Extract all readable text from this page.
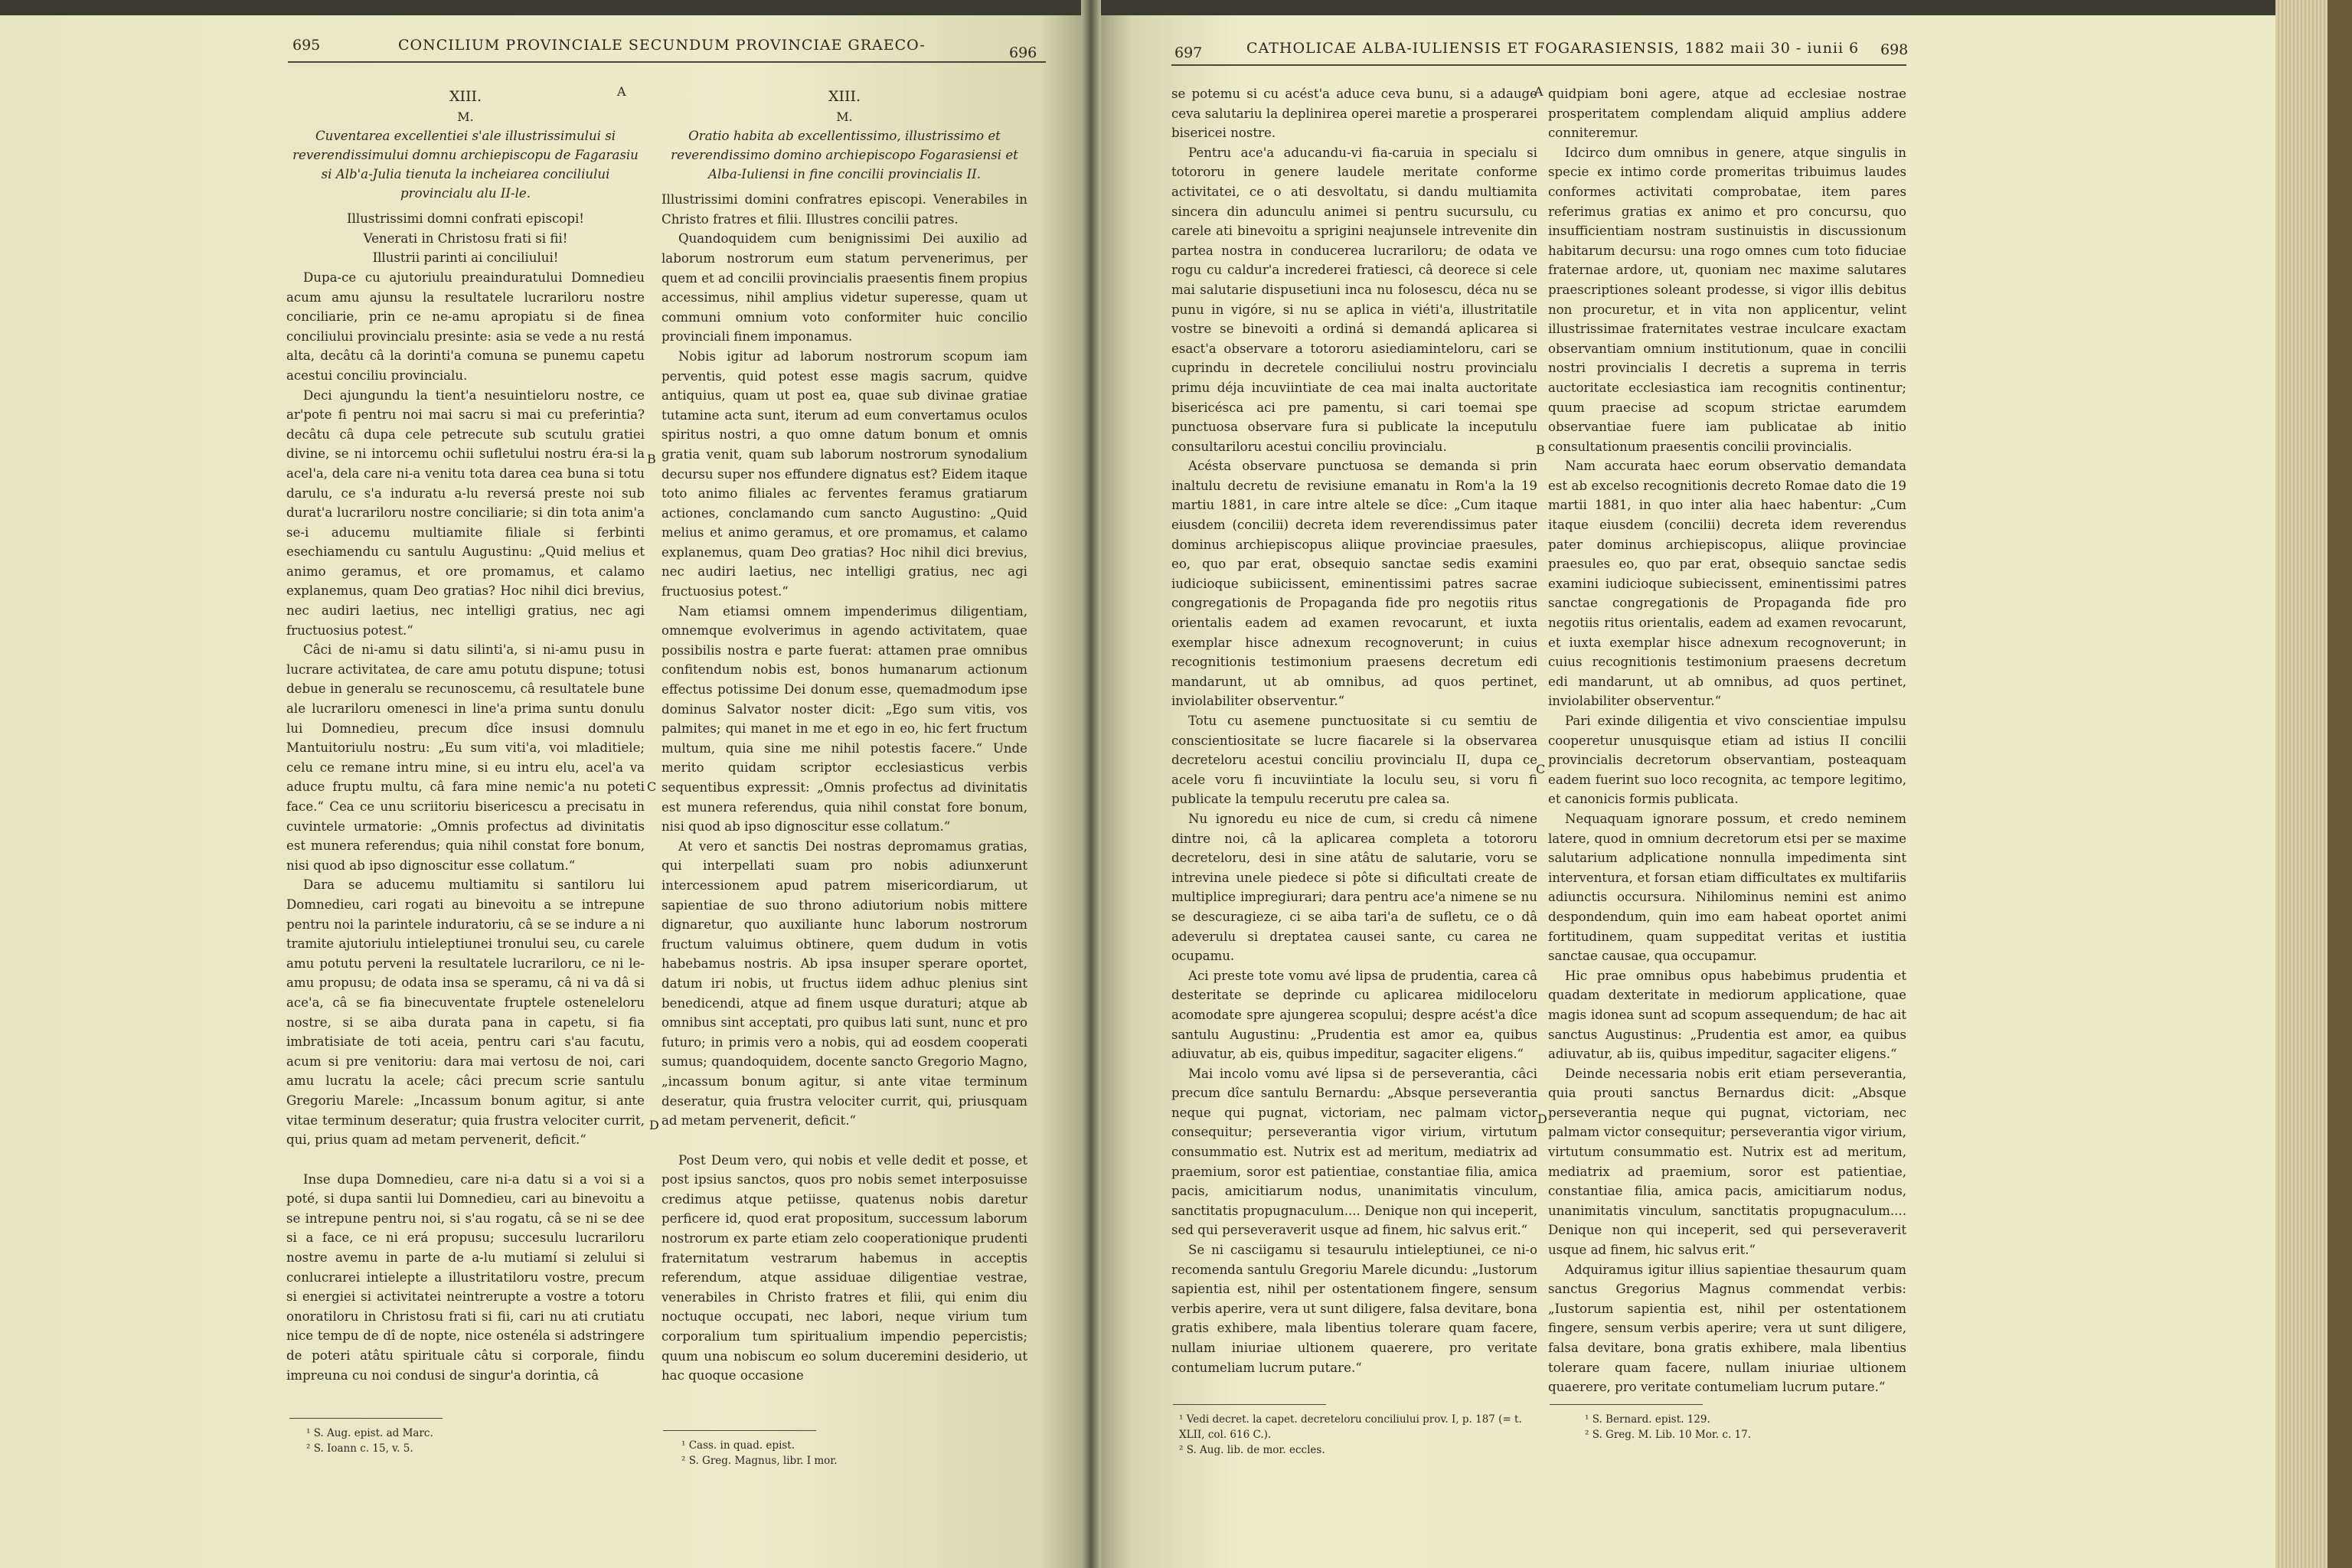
695	CONCILIUM PROVINCIALE SECUNDUM PROVINCIAE GRAECO-	696

XIII.

M.

Cuventarea excellentiei s'ale illustrissimului si reverendissimului domnu archiepiscopu de Fagarasiu si Alb'a-Julia tienuta la incheiarea conciliului provincialu alu II-le.

Illustrissimi domni confrati episcopi!

Venerati in Christosu frati si fii!

Illustrii parinti ai conciliului!

Dupa-ce cu ajutoriulu preainduratului Domnedieu acum amu ajunsu la resultatele lucrariloru nostre conciliarie, prin ce ne-amu apropiatu si de finea conciliului provincialu presinte: asia se vede a nu restá alta, decâtu câ la dorinti'a comuna se punemu capetu acestui conciliu provincialu.

Deci ajungundu la tient'a nesuintieloru nostre, ce ar'pote fi pentru noi mai sacru si mai cu preferintia? decâtu câ dupa cele petrecute sub scutulu gratiei divine, se ni intorcemu ochii sufletului nostru éra-si la acel'a, dela care ni-a venitu tota darea cea buna si totu darulu, ce s'a induratu a-lu reversá preste noi sub durat'a lucrariloru nostre conciliarie; si din tota anim'a se-i aducemu multiamite filiale si ferbinti esechiamendu cu santulu Augustinu: „Quid melius et animo geramus, et ore promamus, et calamo explanemus, quam Deo gratias? Hoc nihil dici brevius, nec audiri laetius, nec intelligi gratius, nec agi fructuosius potest.“

Câci de ni-amu si datu silinti'a, si ni-amu pusu in lucrare activitatea, de care amu potutu dispune; totusi debue in generalu se recunoscemu, câ resultatele bune ale lucrariloru omenesci in line'a prima suntu donulu lui Domnedieu, precum dîce insusi domnulu Mantuitoriulu nostru: „Eu sum viti'a, voi mladitiele; celu ce remane intru mine, si eu intru elu, acel'a va aduce fruptu multu, câ fara mine nemic'a nu poteti face.“ Cea ce unu scriitoriu bisericescu a precisatu in cuvintele urmatorie: „Omnis profectus ad divinitatis est munera referendus; quia nihil constat fore bonum, nisi quod ab ipso dignoscitur esse collatum.“

Dara se aducemu multiamitu si santiloru lui Domnedieu, cari rogati au binevoitu a se intrepune pentru noi la parintele induratoriu, câ se se indure a ni tramite ajutoriulu intieleptiunei tronului seu, cu carele amu potutu perveni la resultatele lucrariloru, ce ni le-amu propusu; de odata insa se speramu, câ ni va dâ si ace'a, câ se fia binecuventate fruptele ostenelelоru nostre, si se aiba durata pana in capetu, si fia imbratisiate de toti aceia, pentru cari s'au facutu, acum si pre venitoriu: dara mai vertosu de noi, cari amu lucratu la acele; câci precum scrie santulu Gregoriu Marele: „Incassum bonum agitur, si ante vitae terminum deseratur; quia frustra velociter currit, qui, prius quam ad metam pervenerit, deficit.“

Inse dupa Domnedieu, care ni-a datu si a voi si a poté, si dupa santii lui Domnedieu, cari au binevoitu a se intrepune pentru noi, si s'au rogatu, câ se ni se dee si a face, ce ni erá propusu; succesulu lucrariloru nostre avemu in parte de a-lu mutiamí si zelului si conlucrarei intielepte a illustritatiloru vostre, precum si energiei si activitatei neintrerupte a vostre a totoru onoratiloru in Christosu frati si fii, cari nu ati crutiatu nice tempu de dî de nopte, nice ostenéla si adstringere de poteri atâtu spirituale câtu si corporale, fiindu impreuna cu noi condusi de singur'a dorintia, câ

¹ S. Aug. epist. ad Marc.

² S. Ioann c. 15, v. 5.

A
B
C
D

XIII.

M.

Oratio habita ab excellentissimo, illustrissimo et reverendissimo domino archiepiscopo Fogarasiensi et Alba-Iuliensi in fine concilii provincialis II.

Illustrissimi domini confratres episcopi. Venerabiles in Christo fratres et filii. Illustres concilii patres.

Quandoquidem cum benignissimi Dei auxilio ad laborum nostrorum eum statum pervenerimus, per quem et ad concilii provincialis praesentis finem propius accessimus, nihil amplius videtur superesse, quam ut communi omnium voto conformiter huic concilio provinciali finem imponamus.

Nobis igitur ad laborum nostrorum scopum iam perventis, quid potest esse magis sacrum, quidve antiquius, quam ut post ea, quae sub divinae gratiae tutamine acta sunt, iterum ad eum convertamus oculos spiritus nostri, a quo omne datum bonum et omnis gratia venit, quam sub laborum nostrorum synodalium decursu super nos effundere dignatus est? Eidem itaque toto animo filiales ac ferventes feramus gratiarum actiones, conclamando cum sancto Augustino: „Quid melius et animo geramus, et ore promamus, et calamo explanemus, quam Deo gratias? Hoc nihil dici brevius, nec audiri laetius, nec intelligi gratius, nec agi fructuosius potest.“

Nam etiamsi omnem impenderimus diligentiam, omnemque evolverimus in agendo activitatem, quae possibilis nostra e parte fuerat: attamen prae omnibus confitendum nobis est, bonos humanarum actionum effectus potissime Dei donum esse, quemadmodum ipse dominus Salvator noster dicit: „Ego sum vitis, vos palmites; qui manet in me et ego in eo, hic fert fructum multum, quia sine me nihil potestis facere.“ Unde merito quidam scriptor ecclesiasticus verbis sequentibus expressit: „Omnis profectus ad divinitatis est munera referendus, quia nihil constat fore bonum, nisi quod ab ipso dignoscitur esse collatum.“

At vero et sanctis Dei nostras depromamus gratias, qui interpellati suam pro nobis adiunxerunt intercessionem apud patrem misericordiarum, ut sapientiae de suo throno adiutorium nobis mittere dignaretur, quo auxiliante hunc laborum nostrorum fructum valuimus obtinere, quem dudum in votis habebamus nostris. Ab ipsa insuper sperare oportet, datum iri nobis, ut fructus iidem adhuc plenius sint benedicendi, atque ad finem usque duraturi; atque ab omnibus sint acceptati, pro quibus lati sunt, nunc et pro futuro; in primis vero a nobis, qui ad eosdem cooperati sumus; quandoquidem, docente sancto Gregorio Magno, „incassum bonum agitur, si ante vitae terminum deseratur, quia frustra velociter currit, qui, priusquam ad metam pervenerit, deficit.“

Post Deum vero, qui nobis et velle dedit et posse, et post ipsius sanctos, quos pro nobis semet interposuisse credimus atque petiisse, quatenus nobis daretur perficere id, quod erat propositum, successum laborum nostrorum ex parte etiam zelo cooperationique prudenti fraternitatum vestrarum habemus in acceptis referendum, atque assiduae diligentiae vestrae, venerabiles in Christo fratres et filii, qui enim diu noctuque occupati, nec labori, neque virium tum corporalium tum spiritualium impendio pepercistis; quum una nobiscum eo solum duceremini desiderio, ut hac quoque occasione

¹ Cass. in quad. epist.

² S. Greg. Magnus, libr. I mor.

697	CATHOLICAE ALBA-IULIENSIS ET FOGARASIENSIS, 1882 maii 30 - iunii 6 698

se potemu si cu acést'a aduce ceva bunu, si a adauge ceva salutariu la deplinirea operei maretie a prosperarei bisericei nostre.

Pentru ace'a aducandu-vi fia-caruia in specialu si totororu in genere laudele meritate conforme activitatei, ce o ati desvoltatu, si dandu multiamita sincera din adunculu animei si pentru sucursulu, cu carele ati binevoitu a sprigini neajunsele intrevenite din partea nostra in conducerea lucrariloru; de odata ve rogu cu caldur'a increderei fratiesci, câ deorece si cele mai salutarie dispusetiuni inca nu folosescu, déca nu se punu in vigóre, si nu se aplica in viéti'a, illustritatile vostre se binevoiti a ordiná si demandá aplicarea si esact'a observare a totororu asiediaminteloru, cari se cuprindu in decretele conciliului nostru provincialu primu déja incuviintiate de cea mai inalta auctoritate bisericésca aci pre pamentu, si cari toemai spe punctuosa observare fura si publicate la inceputulu consultariloru acestui conciliu provincialu.

Acésta observare punctuosa se demanda si prin inaltulu decretu de revisiune emanatu in Rom'a la 19 martiu 1881, in care intre altele se dîce: „Cum itaque eiusdem (concilii) decreta idem reverendissimus pater dominus archiepiscopus aliique provinciae praesules, eo, quo par erat, obsequio sanctae sedis examini iudicioque subiicissent, eminentissimi patres sacrae congregationis de Propaganda fide pro negotiis ritus orientalis eadem ad examen revocarunt, et iuxta exemplar hisce adnexum recognoverunt; in cuius recognitionis testimonium praesens decretum edi mandarunt, ut ab omnibus, ad quos pertinet, inviolabiliter observentur.“

Totu cu asemene punctuositate si cu semtiu de conscientiositate se lucre fiacarele si la observarea decreteloru acestui conciliu provincialu II, dupa ce acele voru fi incuviintiate la loculu seu, si voru fi publicate la tempulu recerutu pre calea sa.

Nu ignoredu eu nice de cum, si credu câ nimene dintre noi, câ la aplicarea completa a totororu decreteloru, desi in sine atâtu de salutarie, voru se intrevina unele piedece si pôte si dificultati create de multiplice impregiurari; dara pentru ace'a nimene se nu se descuragieze, ci se aiba tari'a de sufletu, ce o dâ adeverulu si dreptatea causei sante, cu carea ne ocupamu.

Aci preste tote vomu avé lipsa de prudentia, carea câ desteritate se deprinde cu aplicarea midiloceloru acomodate spre ajungerea scopului; despre acést'a dîce santulu Augustinu: „Prudentia est amor ea, quibus adiuvatur, ab eis, quibus impeditur, sagaciter eligens.“

Mai incolo vomu avé lipsa si de perseverantia, câci precum dîce santulu Bernardu: „Absque perseverantia neque qui pugnat, victoriam, nec palmam victor consequitur; perseverantia vigor virium, virtutum consummatio est. Nutrix est ad meritum, mediatrix ad praemium, soror est patientiae, constantiae filia, amica pacis, amicitiarum nodus, unanimitatis vinculum, sanctitatis propugnaculum.... Denique non qui inceperit, sed qui perseveraverit usque ad finem, hic salvus erit.“

Se ni casciigamu si tesaurulu intieleptiunei, ce ni-o recomenda santulu Gregoriu Marele dicundu: „Iustorum sapientia est, nihil per ostentationem fingere, sensum verbis aperire, vera ut sunt diligere, falsa devitare, bona gratis exhibere, mala libentius tolerare quam facere, nullam iniuriae ultionem quaerere, pro veritate contumeliam lucrum putare.“

¹ Vedi decret. la capet. decreteloru conciliului prov. I, p. 187 (= t. XLII, col. 616 C.).

² S. Aug. lib. de mor. eccles.

A
B
C
D

quidpiam boni agere, atque ad ecclesiae nostrae prosperitatem complendam aliquid amplius addere conniteremur.

Idcirco dum omnibus in genere, atque singulis in specie ex intimo corde promeritas tribuimus laudes conformes activitati comprobatae, item pares referimus gratias ex animo et pro concursu, quo insufficientiam nostram sustinuistis in discussionum habitarum decursu: una rogo omnes cum toto fiduciae fraternae ardore, ut, quoniam nec maxime salutares praescriptiones soleant prodesse, si vigor illis debitus non procuretur, et in vita non applicentur, velint illustrissimae fraternitates vestrae inculcare exactam observantiam omnium institutionum, quae in concilii nostri provincialis I decretis a suprema in terris auctoritate ecclesiastica iam recognitis continentur; quum praecise ad scopum strictae earumdem observantiae fuere iam publicatae ab initio consultationum praesentis concilii provincialis.

Nam accurata haec eorum observatio demandata est ab excelso recognitionis decreto Romae dato die 19 martii 1881, in quo inter alia haec habentur: „Cum itaque eiusdem (concilii) decreta idem reverendus pater dominus archiepiscopus, aliique provinciae praesules eo, quo par erat, obsequio sanctae sedis examini iudicioque subiecissent, eminentissimi patres sanctae congregationis de Propaganda fide pro negotiis ritus orientalis, eadem ad examen revocarunt, et iuxta exemplar hisce adnexum recognoverunt; in cuius recognitionis testimonium praesens decretum edi mandarunt, ut ab omnibus, ad quos pertinet, inviolabiliter observentur.“

Pari exinde diligentia et vivo conscientiae impulsu cooperetur unusquisque etiam ad istius II concilii provincialis decretorum observantiam, posteaquam eadem fuerint suo loco recognita, ac tempore legitimo, et canonicis formis publicata.

Nequaquam ignorare possum, et credo neminem latere, quod in omnium decretorum etsi per se maxime salutarium adplicatione nonnulla impedimenta sint interventura, et forsan etiam difficultates ex multifariis adiunctis occursura. Nihilominus nemini est animo despondendum, quin imo eam habeat oportet animi fortitudinem, quam suppeditat veritas et iustitia sanctae causae, qua occupamur.

Hic prae omnibus opus habebimus prudentia et quadam dexteritate in mediorum applicatione, quae magis idonea sunt ad scopum assequendum; de hac ait sanctus Augustinus: „Prudentia est amor, ea quibus adiuvatur, ab iis, quibus impeditur, sagaciter eligens.“

Deinde necessaria nobis erit etiam perseverantia, quia prouti sanctus Bernardus dicit: „Absque perseverantia neque qui pugnat, victoriam, nec palmam victor consequitur; perseverantia vigor virium, virtutum consummatio est. Nutrix est ad meritum, mediatrix ad praemium, soror est patientiae, constantiae filia, amica pacis, amicitiarum nodus, unanimitatis vinculum, sanctitatis propugnaculum.... Denique non qui inceperit, sed qui perseveraverit usque ad finem, hic salvus erit.“

Adquiramus igitur illius sapientiae thesaurum quam sanctus Gregorius Magnus commendat verbis: „Iustorum sapientia est, nihil per ostentationem fingere, sensum verbis aperire; vera ut sunt diligere, falsa devitare, bona gratis exhibere, mala libentius tolerare quam facere, nullam iniuriae ultionem quaerere, pro veritate contumeliam lucrum putare.“

¹ S. Bernard. epist. 129.

² S. Greg. M. Lib. 10 Mor. c. 17.
